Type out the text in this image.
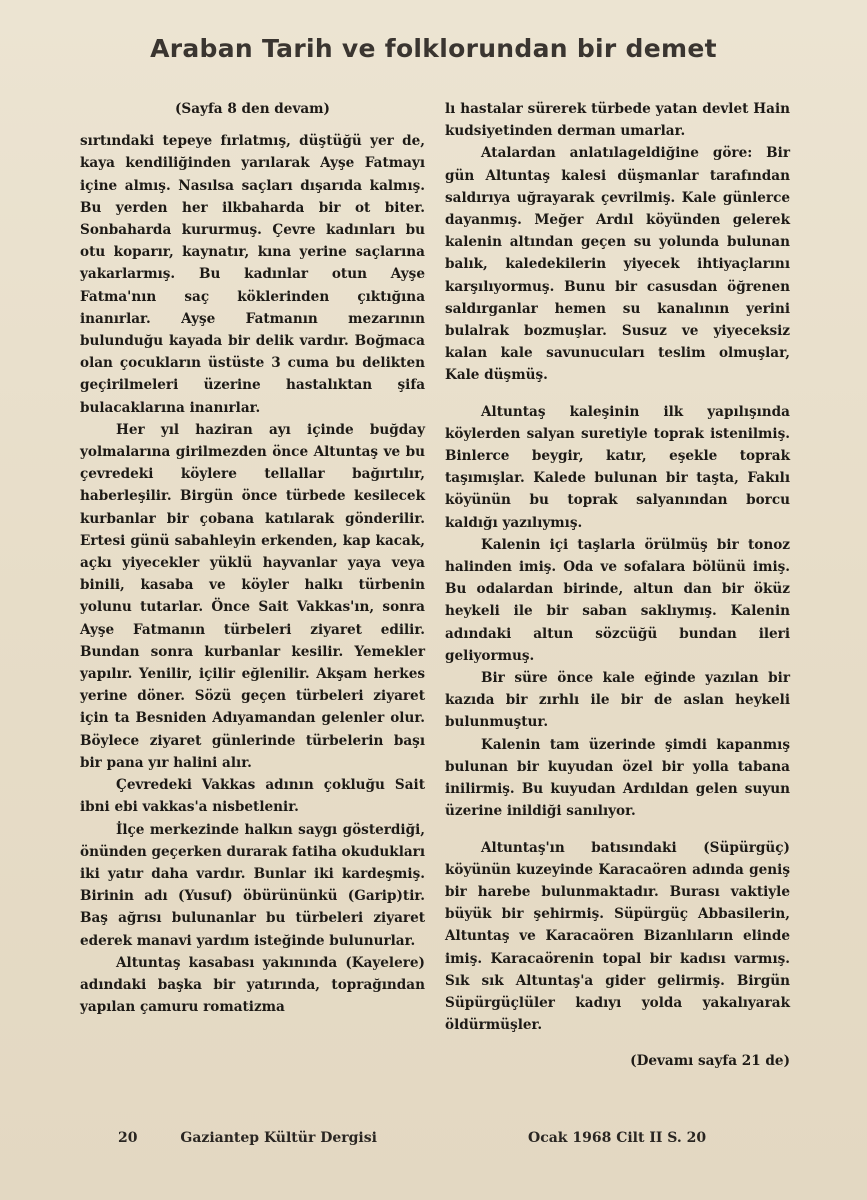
Araban Tarih ve folklorundan bir demet

(Sayfa 8 den devam)

sırtındaki tepeye fırlatmış, düştüğü yer de, kaya kendiliğinden yarılarak Ayşe Fatmayı içine almış. Nasılsa saçları dışarıda kalmış. Bu yerden her ilkbaharda bir ot biter. Sonbaharda kururmuş. Çevre kadınları bu otu koparır, kaynatır, kına yerine saçlarına yakarlarmış. Bu kadınlar otun Ayşe Fatma'nın saç köklerinden çıktığına inanırlar. Ayşe Fatmanın mezarının bulunduğu kayada bir delik vardır. Boğmaca olan çocukların üstüste 3 cuma bu delikten geçirilmeleri üzerine hastalıktan şifa bulacaklarına inanırlar.

Her yıl haziran ayı içinde buğday yolmalarına girilmezden önce Altuntaş ve bu çevredeki köylere tellallar bağırtılır, haberleşilir. Birgün önce türbede kesilecek kurbanlar bir çobana katılarak gönderilir. Ertesi günü sabahleyin erkenden, kap kacak, açkı yiyecekler yüklü hayvanlar yaya veya binili, kasaba ve köyler halkı türbenin yolunu tutarlar. Önce Sait Vakkas'ın, sonra Ayşe Fatmanın türbeleri ziyaret edilir. Bundan sonra kurbanlar kesilir. Yemekler yapılır. Yenilir, içilir eğlenilir. Akşam herkes yerine döner. Sözü geçen türbeleri ziyaret için ta Besniden Adıyamandan gelenler olur. Böylece ziyaret günlerinde türbelerin başı bir pana yır halini alır.

Çevredeki Vakkas adının çokluğu Sait ibni ebi vakkas'a nisbetlenir.

İlçe merkezinde halkın saygı gösterdiği, önünden geçerken durarak fatiha okudukları iki yatır daha vardır. Bunlar iki kardeşmiş. Birinin adı (Yusuf) öbürününkü (Garip)tir. Baş ağrısı bulunanlar bu türbeleri ziyaret ederek manavi yardım isteğinde bulunurlar.

Altuntaş kasabası yakınında (Kayelere) adındaki başka bir yatırında, toprağından yapılan çamuru romatizma

lı hastalar sürerek türbede yatan devlet Hain kudsiyetinden derman umarlar.

Atalardan anlatılageldiğine göre: Bir gün Altuntaş kalesi düşmanlar tarafından saldırıya uğrayarak çevrilmiş. Kale günlerce dayanmış. Meğer Ardıl köyünden gelerek kalenin altından geçen su yolunda bulunan balık, kaledekilerin yiyecek ihtiyaçlarını karşılıyormuş. Bunu bir casusdan öğrenen saldırganlar hemen su kanalının yerini bulalrak bozmuşlar. Susuz ve yiyeceksiz kalan kale savunucuları teslim olmuşlar, Kale düşmüş.

Altuntaş kaleşinin ilk yapılışında köylerden salyan suretiyle toprak istenilmiş. Binlerce beygir, katır, eşekle toprak taşımışlar. Kalede bulunan bir taşta, Fakılı köyünün bu toprak salyanından borcu kaldığı yazılıymış.

Kalenin içi taşlarla örülmüş bir tonoz halinden imiş. Oda ve sofalara bölünü imiş. Bu odalardan birinde, altun dan bir öküz heykeli ile bir saban saklıymış. Kalenin adındaki altun sözcüğü bundan ileri geliyormuş.

Bir süre önce kale eğinde yazılan bir kazıda bir zırhlı ile bir de aslan heykeli bulunmuştur.

Kalenin tam üzerinde şimdi kapanmış bulunan bir kuyudan özel bir yolla tabana inilirmiş. Bu kuyudan Ardıldan gelen suyun üzerine inildiği sanılıyor.

Altuntaş'ın batısındaki (Süpürgüç) köyünün kuzeyinde Karacaören adında geniş bir harebe bulunmaktadır. Burası vaktiyle büyük bir şehirmiş. Süpürgüç Abbasilerin, Altuntaş ve Karacaören Bizanlıların elinde imiş. Karacaörenin topal bir kadısı varmış. Sık sık Altuntaş'a gider gelirmiş. Birgün Süpürgüçlüler kadıyı yolda yakalıyarak öldürmüşler.

(Devamı sayfa 21 de)

20	Gaziantep Kültür Dergisi	Ocak 1968 Cilt II S. 20
